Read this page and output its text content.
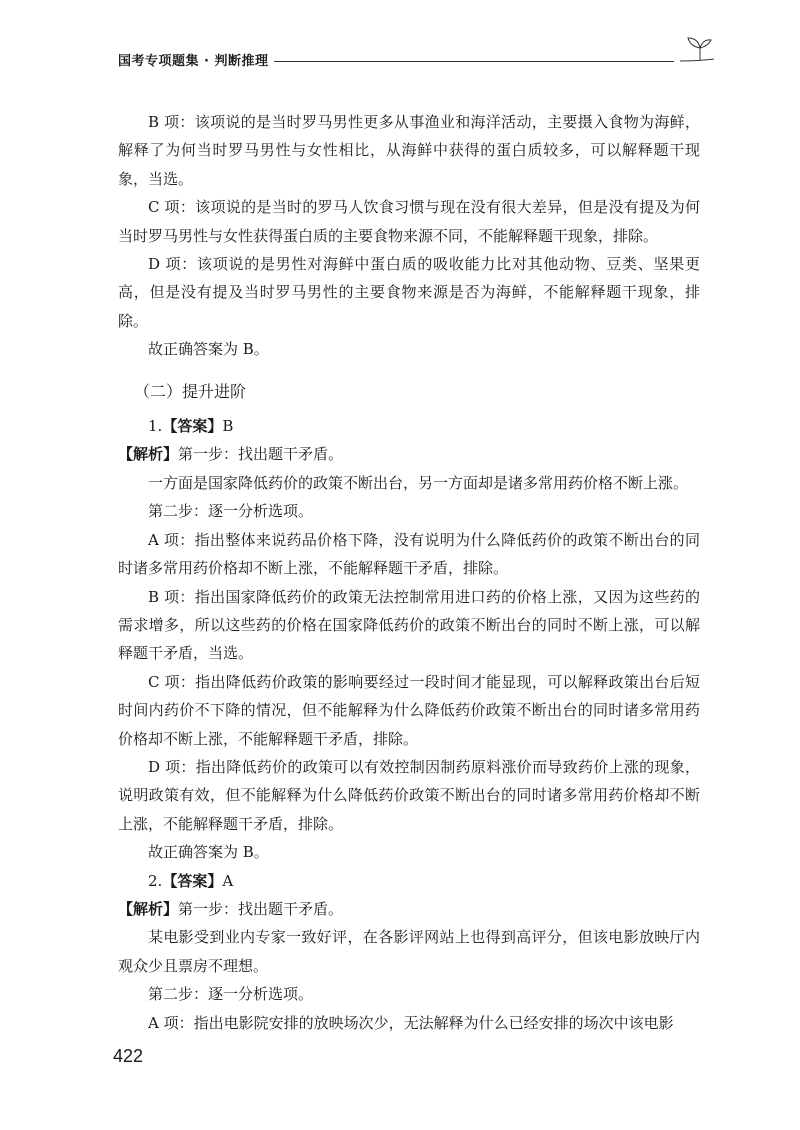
国考专项题集 · 判断推理

B 项：该项说的是当时罗马男性更多从事渔业和海洋活动，主要摄入食物为海鲜，解释了为何当时罗马男性与女性相比，从海鲜中获得的蛋白质较多，可以解释题干现象，当选。

C 项：该项说的是当时的罗马人饮食习惯与现在没有很大差异，但是没有提及为何当时罗马男性与女性获得蛋白质的主要食物来源不同，不能解释题干现象，排除。

D 项：该项说的是男性对海鲜中蛋白质的吸收能力比对其他动物、豆类、坚果更高，但是没有提及当时罗马男性的主要食物来源是否为海鲜，不能解释题干现象，排除。

故正确答案为 B。

（二）提升进阶

1.【答案】B

【解析】第一步：找出题干矛盾。

一方面是国家降低药价的政策不断出台，另一方面却是诸多常用药价格不断上涨。

第二步：逐一分析选项。

A 项：指出整体来说药品价格下降，没有说明为什么降低药价的政策不断出台的同时诸多常用药价格却不断上涨，不能解释题干矛盾，排除。

B 项：指出国家降低药价的政策无法控制常用进口药的价格上涨，又因为这些药的需求增多，所以这些药的价格在国家降低药价的政策不断出台的同时不断上涨，可以解释题干矛盾，当选。

C 项：指出降低药价政策的影响要经过一段时间才能显现，可以解释政策出台后短时间内药价不下降的情况，但不能解释为什么降低药价政策不断出台的同时诸多常用药价格却不断上涨，不能解释题干矛盾，排除。

D 项：指出降低药价的政策可以有效控制因制药原料涨价而导致药价上涨的现象，说明政策有效，但不能解释为什么降低药价政策不断出台的同时诸多常用药价格却不断上涨，不能解释题干矛盾，排除。

故正确答案为 B。

2.【答案】A

【解析】第一步：找出题干矛盾。

某电影受到业内专家一致好评，在各影评网站上也得到高评分，但该电影放映厅内观众少且票房不理想。

第二步：逐一分析选项。

A 项：指出电影院安排的放映场次少，无法解释为什么已经安排的场次中该电影

422
